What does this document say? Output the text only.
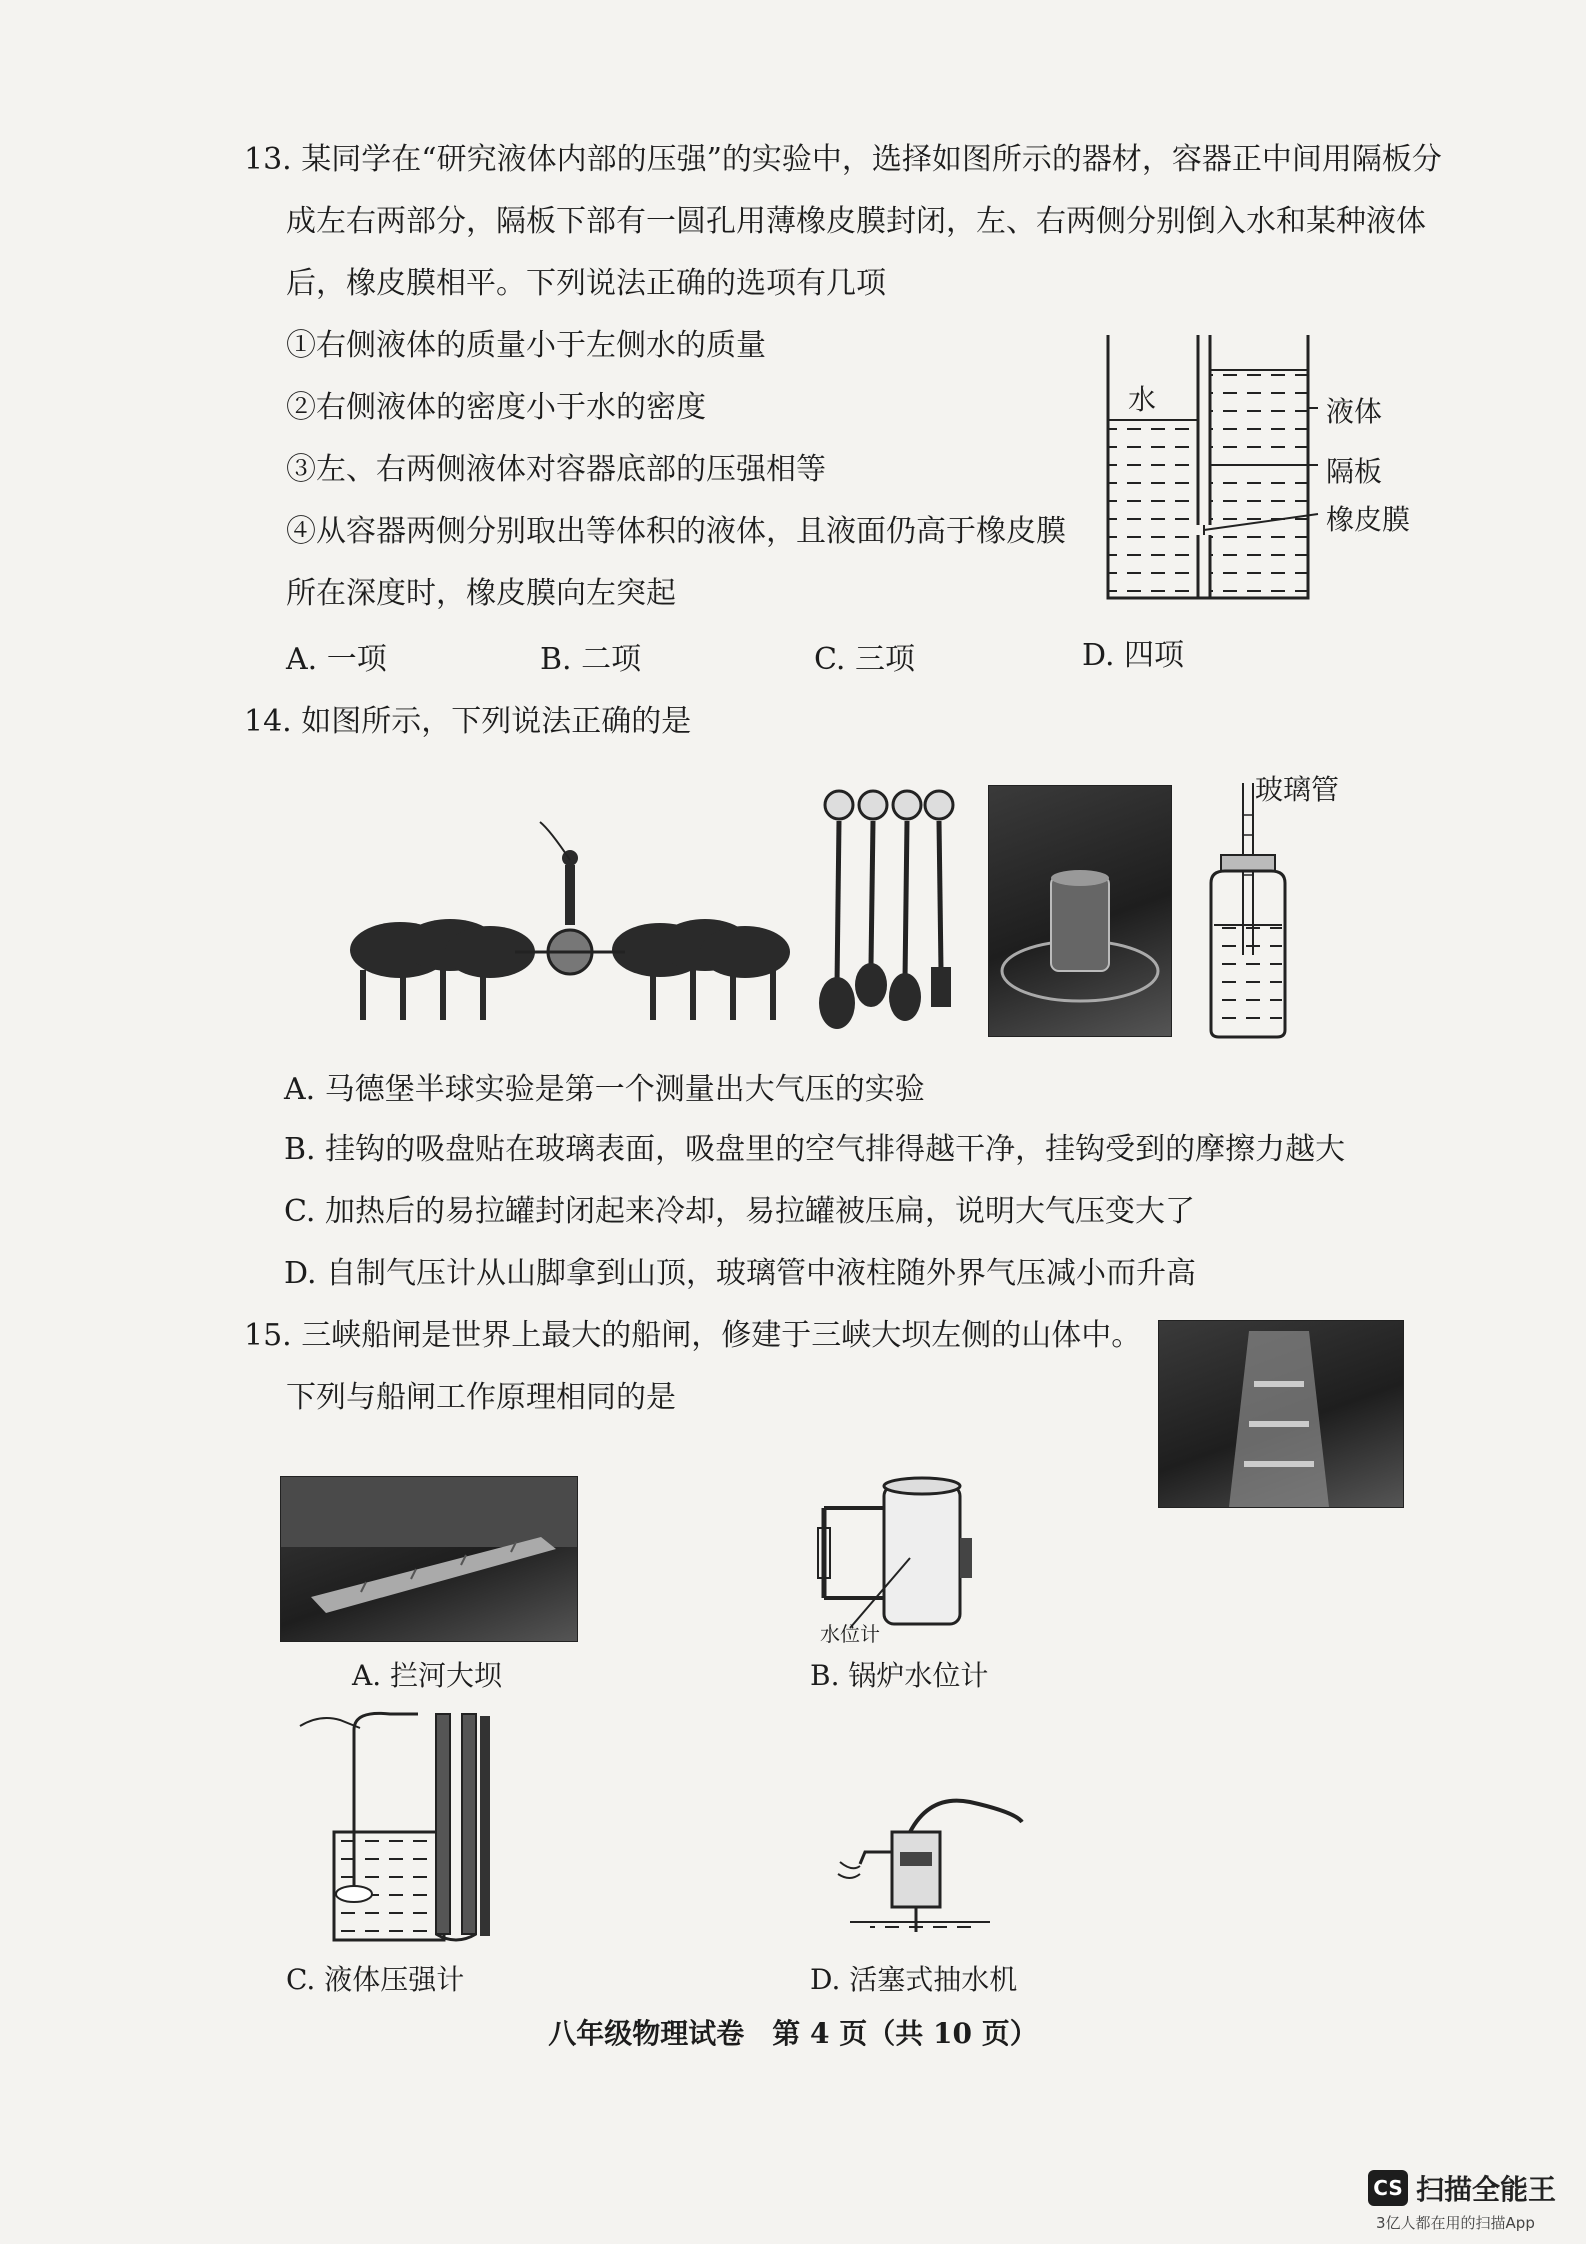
13. 某同学在“研究液体内部的压强”的实验中，选择如图所示的器材，容器正中间用隔板分
成左右两部分，隔板下部有一圆孔用薄橡皮膜封闭，左、右两侧分别倒入水和某种液体
后，橡皮膜相平。下列说法正确的选项有几项
①右侧液体的质量小于左侧水的质量
②右侧液体的密度小于水的密度
③左、右两侧液体对容器底部的压强相等
④从容器两侧分别取出等体积的液体，且液面仍高于橡皮膜
所在深度时，橡皮膜向左突起
A. 一项	B. 二项	C. 三项	D. 四项
水	液体
隔板
橡皮膜
14. 如图所示，下列说法正确的是
玻璃管
A. 马德堡半球实验是第一个测量出大气压的实验
B. 挂钩的吸盘贴在玻璃表面，吸盘里的空气排得越干净，挂钩受到的摩擦力越大
C. 加热后的易拉罐封闭起来冷却，易拉罐被压扁，说明大气压变大了
D. 自制气压计从山脚拿到山顶，玻璃管中液柱随外界气压减小而升高
15. 三峡船闸是世界上最大的船闸，修建于三峡大坝左侧的山体中。
下列与船闸工作原理相同的是
A. 拦河大坝
水位计
B. 锅炉水位计
C. 液体压强计	D. 活塞式抽水机
八年级物理试卷　第 4 页（共 10 页）
CS 扫描全能王
3亿人都在用的扫描App
